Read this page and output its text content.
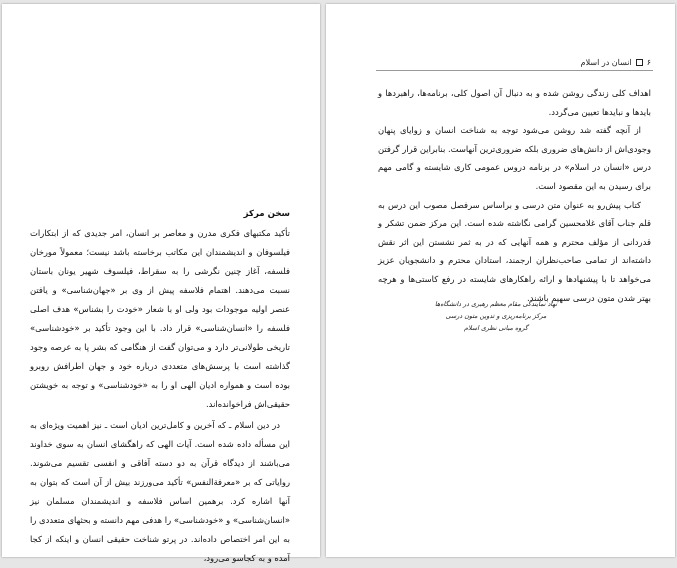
سخن مرکز

تأکید مکتبهای فکری مدرن و معاصر بر انسان، امر جدیدی که از ابتکارات فیلسوفان و اندیشمندان این مکاتب برخاسته باشد نیست؛ معمولاً مورخان فلسفه، آغاز چنین نگرشی را به سقراط، فیلسوف شهیر یونان باستان نسبت می‌دهند. اهتمام فلاسفه پیش از وی بر «جهان‌شناسی» و یافتن عنصر اولیه موجودات بود ولی او با شعار «خودت را بشناس» هدف اصلی فلسفه را «انسان‌شناسی» قرار داد. با این وجود تأکید بر «خودشناسی» تاریخی طولانی‌تر دارد و می‌توان گفت از هنگامی که بشر پا به عرصه وجود گذاشته است با پرسش‌های متعددی درباره خود و جهان اطرافش روبرو بوده است و همواره ادیان الهی او را به «خودشناسی» و توجه به خویشتن حقیقی‌اش فراخوانده‌اند.

در دین اسلام ـ که آخرین و کامل‌ترین ادیان است ـ نیز اهمیت ویژه‌ای به این مسأله داده شده است. آیات الهی که راهگشای انسان به سوی خداوند می‌باشند از دیدگاه قرآن به دو دسته آفاقی و انفسی تقسیم می‌شوند. روایاتی که بر «معرفةالنفس» تأکید می‌ورزند بیش از آن است که بتوان به آنها اشاره کرد. برهمین اساس فلاسفه و اندیشمندان مسلمان نیز «انسان‌شناسی» و «خودشناسی» را هدفی مهم دانسته و بحثهای متعددی را به این امر اختصاص داده‌اند. در پرتو شناخت حقیقی انسان و اینکه از کجا آمده و به کجا‌سو می‌رود،

۶
انسان در اسلام

اهداف کلی زندگی روشن شده و به دنبال آن اصول کلی، برنامه‌ها، راهبردها و بایدها و نبایدها تعیین می‌گردد.

از آنچه گفته شد روشن می‌شود توجه به شناخت انسان و زوایای پنهان وجودی‌اش از دانش‌های ضروری بلکه ضروری‌ترین آنهاست. بنابراین قرار گرفتن درس «انسان در اسلام» در برنامه دروس عمومی کاری شایسته و گامی مهم برای رسیدن به این مقصود است.

کتاب پیش‌رو به عنوان متن درسی و براساس سرفصل مصوب این درس به قلم جناب آقای غلامحسین گرامی نگاشته شده است. این مرکز ضمن تشکر و قدردانی از مؤلف محترم و همه آنهایی که در به ثمر نشستن این اثر نقش داشته‌اند از تمامی صاحب‌نظران ارجمند، استادان محترم و دانشجویان عزیز می‌خواهد تا با پیشنهادها و ارائه راهکارهای شایسته در رفع کاستی‌ها و هرچه بهتر شدن متون درسی سهیم باشند.

نهاد نمایندگی مقام معظم رهبری در دانشگاه‌ها
مرکز برنامه‌ریزی و تدوین متون درسی
گروه مبانی نظری اسلام
